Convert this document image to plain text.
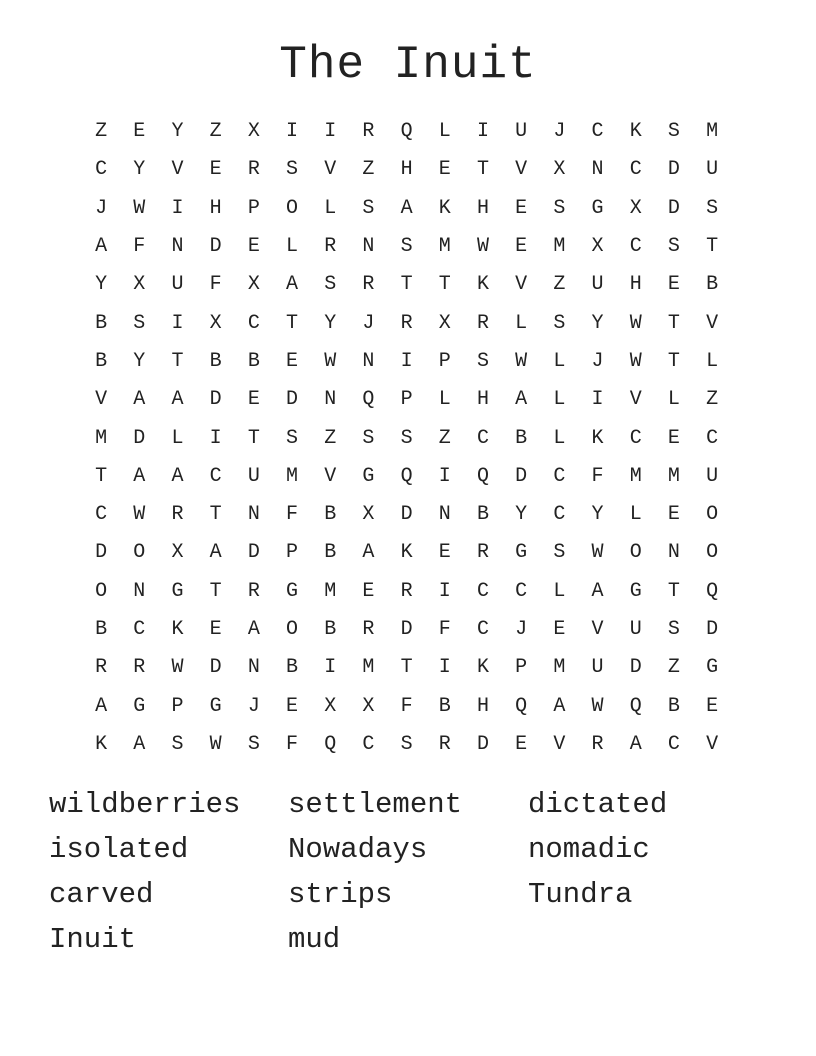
The Inuit
Z	E	Y	Z	X	I	I	R	Q	L	I	U	J	C	K	S	M
C	Y	V	E	R	S	V	Z	H	E	T	V	X	N	C	D	U
J	W	I	H	P	O	L	S	A	K	H	E	S	G	X	D	S
A	F	N	D	E	L	R	N	S	M	W	E	M	X	C	S	T
Y	X	U	F	X	A	S	R	T	T	K	V	Z	U	H	E	B
B	S	I	X	C	T	Y	J	R	X	R	L	S	Y	W	T	V
B	Y	T	B	B	E	W	N	I	P	S	W	L	J	W	T	L
V	A	A	D	E	D	N	Q	P	L	H	A	L	I	V	L	Z
M	D	L	I	T	S	Z	S	S	Z	C	B	L	K	C	E	C
T	A	A	C	U	M	V	G	Q	I	Q	D	C	F	M	M	U
C	W	R	T	N	F	B	X	D	N	B	Y	C	Y	L	E	O
D	O	X	A	D	P	B	A	K	E	R	G	S	W	O	N	O
O	N	G	T	R	G	M	E	R	I	C	C	L	A	G	T	Q
B	C	K	E	A	O	B	R	D	F	C	J	E	V	U	S	D
R	R	W	D	N	B	I	M	T	I	K	P	M	U	D	Z	G
A	G	P	G	J	E	X	X	F	B	H	Q	A	W	Q	B	E
K	A	S	W	S	F	Q	C	S	R	D	E	V	R	A	C	V
wildberries	settlement	dictated
isolated	Nowadays	nomadic
carved	strips	Tundra
Inuit	mud
